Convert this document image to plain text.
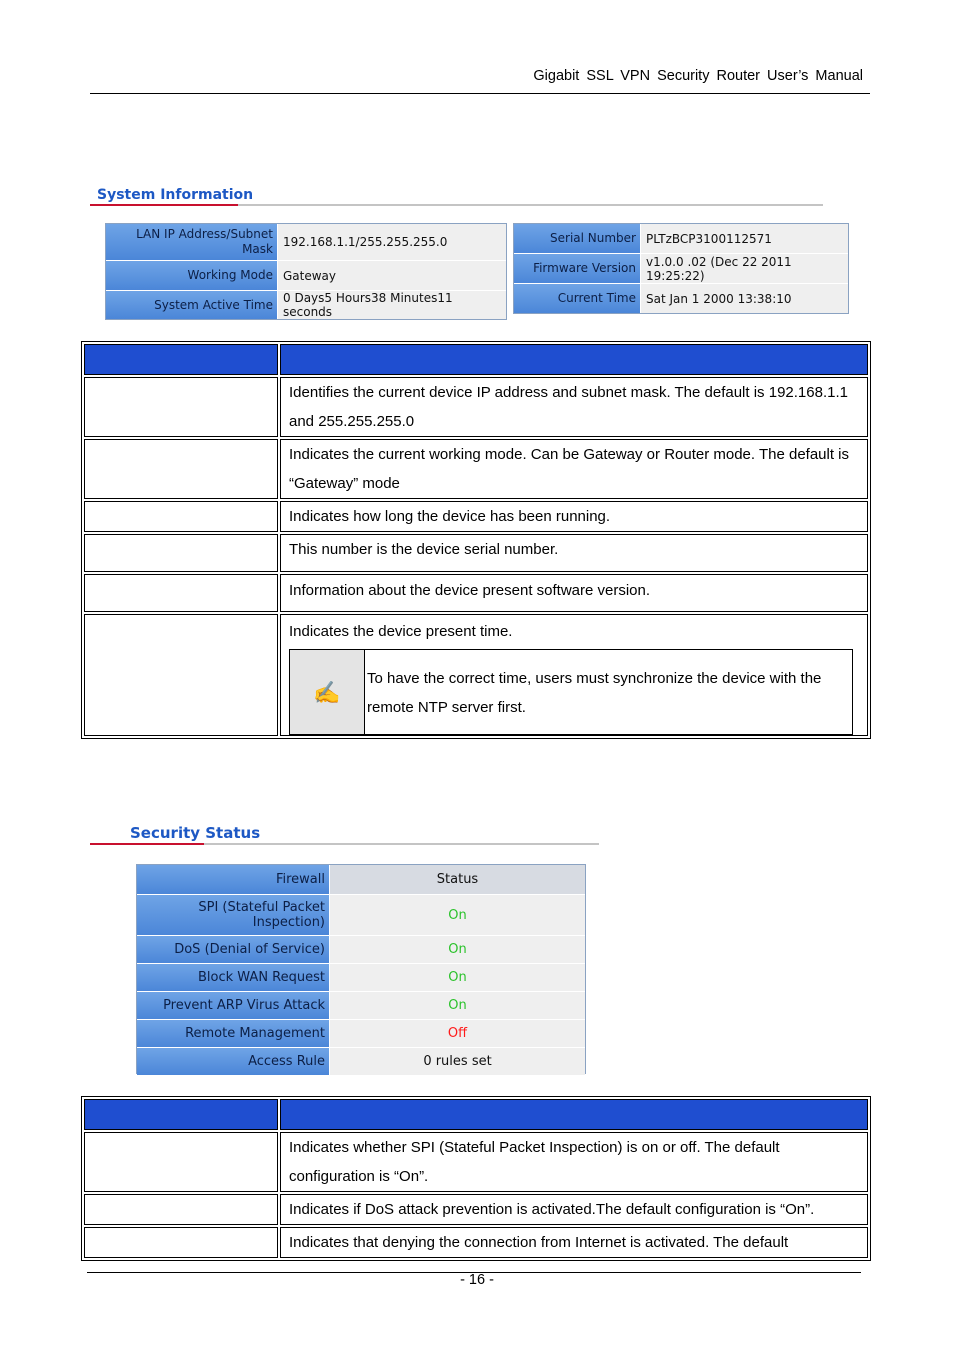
Gigabit SSL VPN Security Router User’s Manual
System Information
LAN IP Address/Subnet Mask 192.168.1.1/255.255.255.0
Working Mode Gateway
System Active Time 0 Days5 Hours38 Minutes11 seconds
Serial Number PLTzBCP3100112571
Firmware Version v1.0.0 .02 (Dec 22 2011 19:25:22)
Current Time Sat Jan 1 2000 13:38:10

	Identifies the current device IP address and subnet mask. The default is 192.168.1.1 and 255.255.255.0
	Indicates the current working mode. Can be Gateway or Router mode. The default is “Gateway” mode
	Indicates how long the device has been running.
	This number is the device serial number.
	Information about the device present software version.

	Indicates the device present time.
✍
To have the correct time, users must synchronize the device with the remote NTP server first.
Security Status
Firewall	Status
SPI (Stateful Packet Inspection)	On
DoS (Denial of Service)	On
Block WAN Request	On
Prevent ARP Virus Attack	On
Remote Management	Off
Access Rule	0 rules set

	Indicates whether SPI (Stateful Packet Inspection) is on or off. The default configuration is “On”.
	Indicates if DoS attack prevention is activated.The default configuration is “On”.
	Indicates that denying the connection from Internet is activated. The default
- 16 -
